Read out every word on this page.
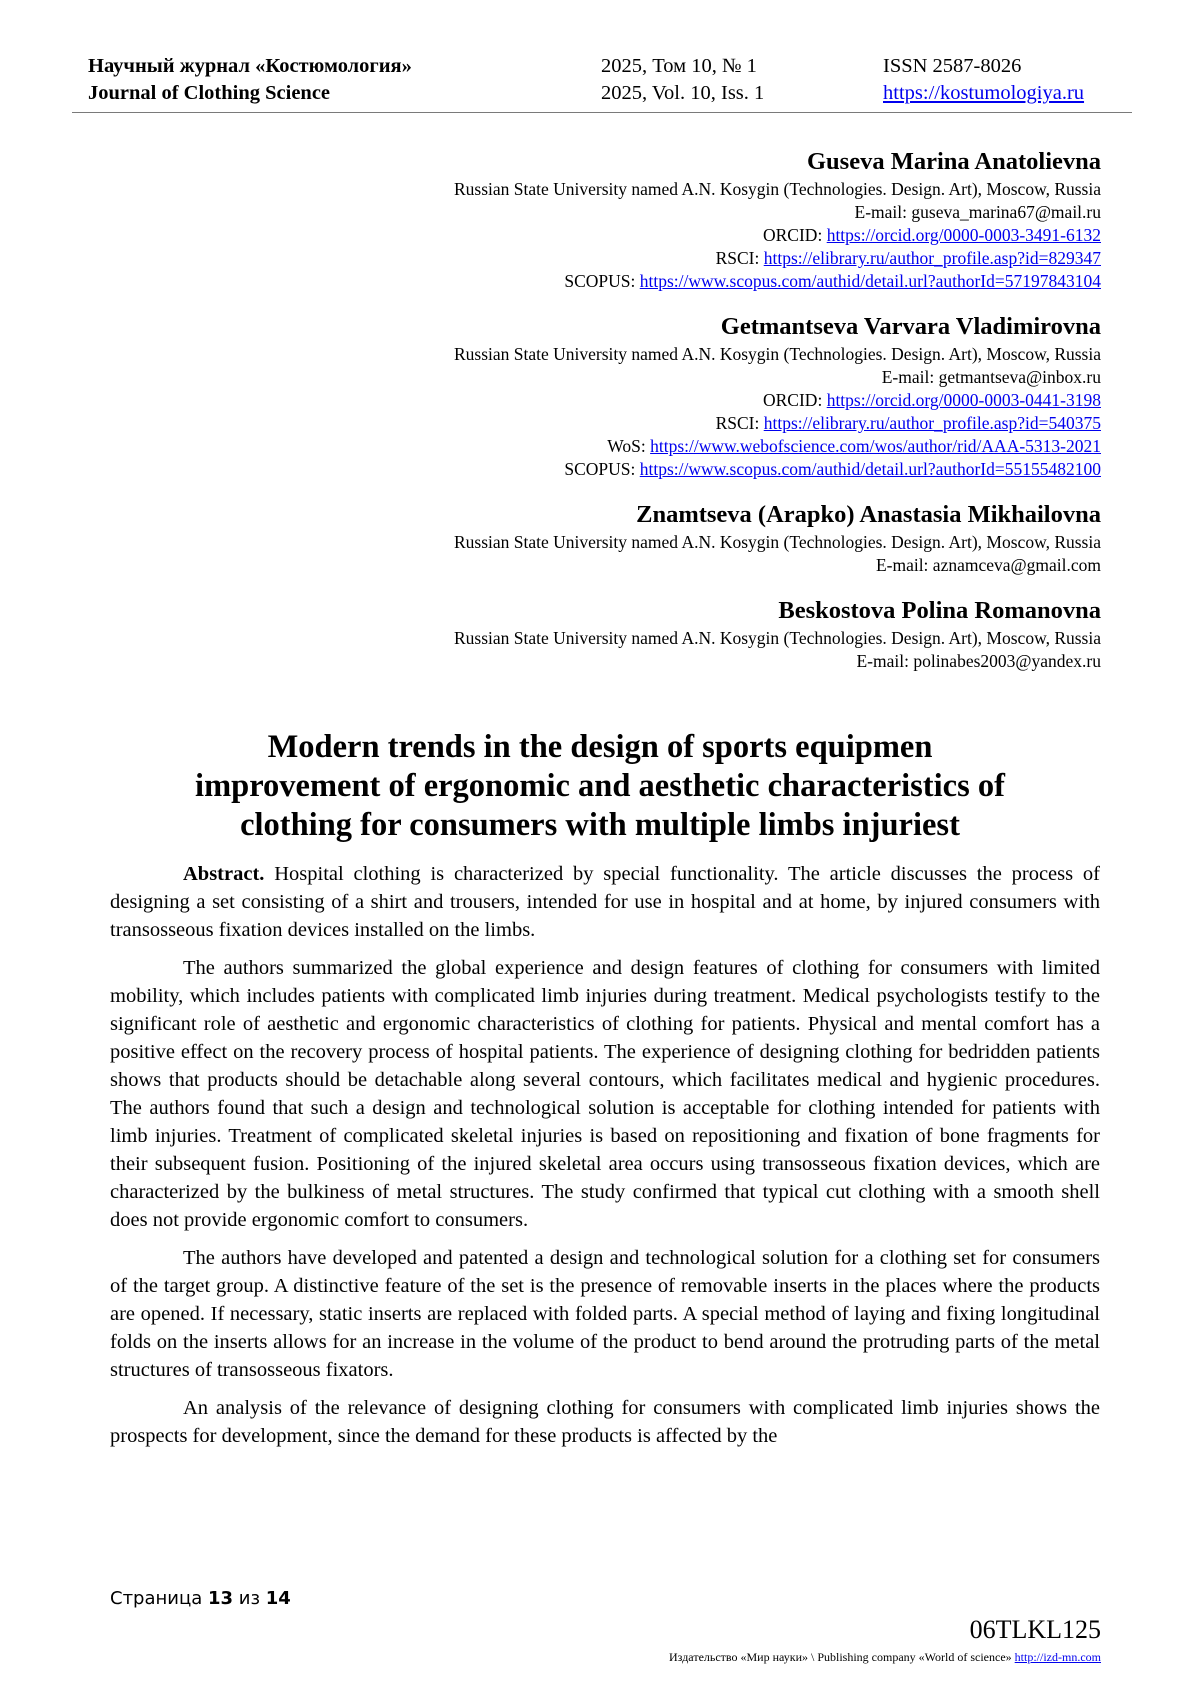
Научный журнал «Костюмология»
Journal of Clothing Science
2025, Том 10, № 1
2025, Vol. 10, Iss. 1
ISSN 2587-8026
https://kostumologiya.ru
Guseva Marina Anatolievna
Russian State University named A.N. Kosygin (Technologies. Design. Art), Moscow, Russia
E-mail: guseva_marina67@mail.ru
ORCID: https://orcid.org/0000-0003-3491-6132
RSCI: https://elibrary.ru/author_profile.asp?id=829347
SCOPUS: https://www.scopus.com/authid/detail.url?authorId=57197843104
Getmantseva Varvara Vladimirovna
Russian State University named A.N. Kosygin (Technologies. Design. Art), Moscow, Russia
E-mail: getmantseva@inbox.ru
ORCID: https://orcid.org/0000-0003-0441-3198
RSCI: https://elibrary.ru/author_profile.asp?id=540375
WoS: https://www.webofscience.com/wos/author/rid/AAA-5313-2021
SCOPUS: https://www.scopus.com/authid/detail.url?authorId=55155482100
Znamtseva (Arapko) Anastasia Mikhailovna
Russian State University named A.N. Kosygin (Technologies. Design. Art), Moscow, Russia
E-mail: aznamceva@gmail.com
Beskostova Polina Romanovna
Russian State University named A.N. Kosygin (Technologies. Design. Art), Moscow, Russia
E-mail: polinabes2003@yandex.ru
Modern trends in the design of sports equipmen
improvement of ergonomic and aesthetic characteristics of
clothing for consumers with multiple limbs injuriest

Abstract. Hospital clothing is characterized by special functionality. The article discusses the process of designing a set consisting of a shirt and trousers, intended for use in hospital and at home, by injured consumers with transosseous fixation devices installed on the limbs.

The authors summarized the global experience and design features of clothing for consumers with limited mobility, which includes patients with complicated limb injuries during treatment. Medical psychologists testify to the significant role of aesthetic and ergonomic characteristics of clothing for patients. Physical and mental comfort has a positive effect on the recovery process of hospital patients. The experience of designing clothing for bedridden patients shows that products should be detachable along several contours, which facilitates medical and hygienic procedures. The authors found that such a design and technological solution is acceptable for clothing intended for patients with limb injuries. Treatment of complicated skeletal injuries is based on repositioning and fixation of bone fragments for their subsequent fusion. Positioning of the injured skeletal area occurs using transosseous fixation devices, which are characterized by the bulkiness of metal structures. The study confirmed that typical cut clothing with a smooth shell does not provide ergonomic comfort to consumers.

The authors have developed and patented a design and technological solution for a clothing set for consumers of the target group. A distinctive feature of the set is the presence of removable inserts in the places where the products are opened. If necessary, static inserts are replaced with folded parts. A special method of laying and fixing longitudinal folds on the inserts allows for an increase in the volume of the product to bend around the protruding parts of the metal structures of transosseous fixators.

An analysis of the relevance of designing clothing for consumers with complicated limb injuries shows the prospects for development, since the demand for these products is affected by the

Страница 13 из 14
06TLKL125
Издательство «Мир науки» \ Publishing company «World of science» http://izd-mn.com
